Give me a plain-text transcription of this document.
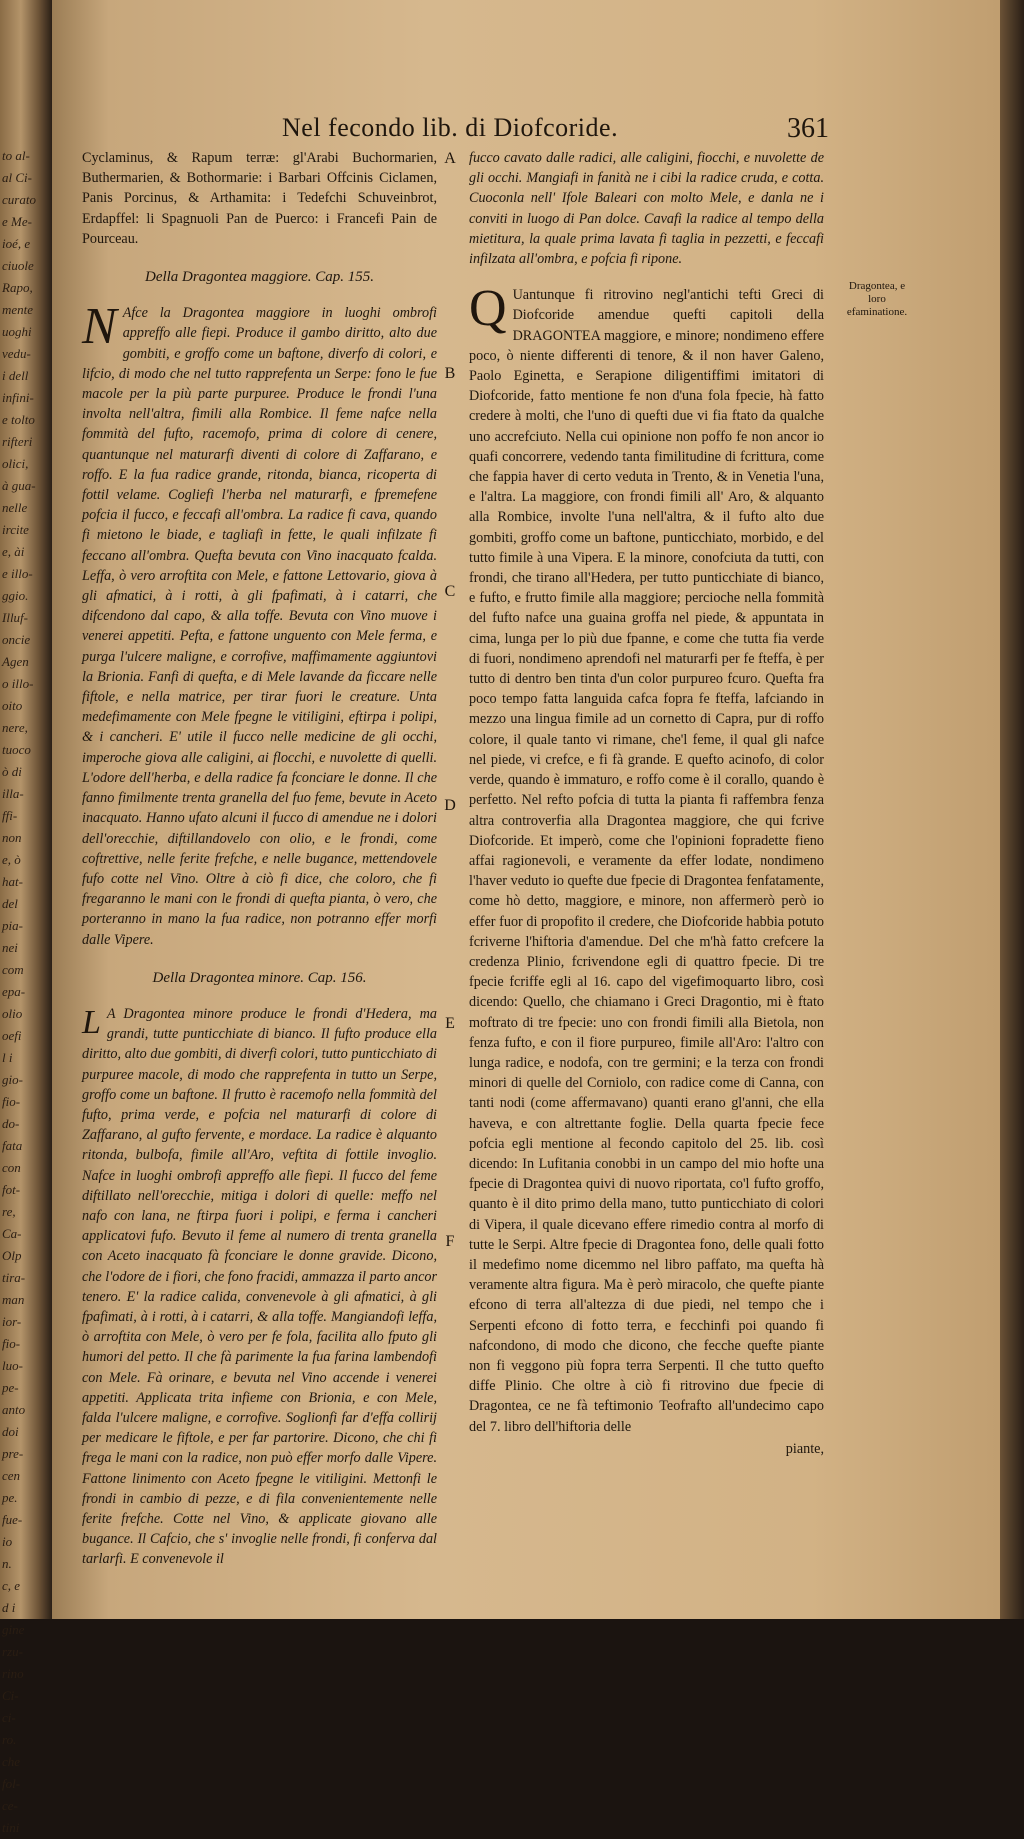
to al-
al Ci-
curato
e Me-
ioé, e
ciuole
Rapo,
mente
uoghi
vedu-
i dell
infini-
e tolto
rifteri
olici,
à gua-
nelle
ircite
e, ài
e illo-
ggio.
Illuf-
oncie
Agen
o illo-
oito
nere,
tuoco
ò di
illa-
ffi-
non
e, ò
hat-
del
pia-
nei
com
epa-
olio
oefi
l i
gio-
fio-
do-
fata
con
fot-
re,
Ca-
Olp
tira-
man
ior-
fio-
luo-
pe-
anto
doi
pre-
cen
pe.
fue-
io
n.
c, e
d i
gine
rzu-
rino
Ci-
ci-
ro.
che
fol-
ce-
tini
Nel fecondo lib. di Diofcoride.	361

Cyclaminus, & Rapum terræ: gl'Arabi Buchormarien, Buthermarien, & Bothormarie: i Barbari Offcinis Ciclamen, Panis Porcinus, & Arthamita: i Tedefchi Schuveinbrot, Erdapffel: li Spagnuoli Pan de Puerco: i Francefi Pain de Pourceau.

Della Dragontea maggiore. Cap. 155.

N Afce la Dragontea maggiore in luoghi ombrofi appreffo alle fiepi. Produce il gambo diritto, alto due gombiti, e groffo come un baftone, diverfo di colori, e lifcio, di modo che nel tutto rapprefenta un Serpe: fono le fue macole per la più parte purpuree. Produce le frondi l'una involta nell'altra, fimili alla Rombice. Il feme nafce nella fommità del fufto, racemofo, prima di colore di cenere, quantunque nel maturarfi diventi di colore di Zaffarano, e roffo. E la fua radice grande, ritonda, bianca, ricoperta di fottil velame. Cogliefi l'herba nel maturarfi, e fpremefene pofcia il fucco, e feccafi all'ombra. La radice fi cava, quando fi mietono le biade, e tagliafi in fette, le quali infilzate fi feccano all'ombra. Quefta bevuta con Vino inacquato fcalda. Leffa, ò vero arroftita con Mele, e fattone Lettovario, giova à gli afmatici, à i rotti, à gli fpafimati, à i catarri, che difcendono dal capo, & alla toffe. Bevuta con Vino muove i venerei appetiti. Pefta, e fattone unguento con Mele ferma, e purga l'ulcere maligne, e corrofive, maffimamente aggiuntovi la Brionia. Fanfi di quefta, e di Mele lavande da ficcare nelle fiftole, e nella matrice, per tirar fuori le creature. Unta medefimamente con Mele fpegne le vitiligini, eftirpa i polipi, & i cancheri. E' utile il fucco nelle medicine de gli occhi, imperoche giova alle caligini, ai flocchi, e nuvolette di quelli. L'odore dell'herba, e della radice fa fconciare le donne. Il che fanno fimilmente trenta granella del fuo feme, bevute in Aceto inacquato. Hanno ufato alcuni il fucco di amendue ne i dolori dell'orecchie, diftillandovelo con olio, e le frondi, come coftrettive, nelle ferite frefche, e nelle bugance, mettendovele fufo cotte nel Vino. Oltre à ciò fi dice, che coloro, che fi fregaranno le mani con le frondi di quefta pianta, ò vero, che porteranno in mano la fua radice, non potranno effer morfi dalle Vipere.

Della Dragontea minore. Cap. 156.

L A Dragontea minore produce le frondi d'Hedera, ma grandi, tutte punticchiate di bianco. Il fufto produce ella diritto, alto due gombiti, di diverfi colori, tutto punticchiato di purpuree macole, di modo che rapprefenta in tutto un Serpe, groffo come un baftone. Il frutto è racemofo nella fommità del fufto, prima verde, e pofcia nel maturarfi di colore di Zaffarano, al gufto fervente, e mordace. La radice è alquanto ritonda, bulbofa, fimile all'Aro, veftita di fottile invoglio. Nafce in luoghi ombrofi appreffo alle fiepi. Il fucco del feme diftillato nell'orecchie, mitiga i dolori di quelle: meffo nel nafo con lana, ne ftirpa fuori i polipi, e ferma i cancheri applicatovi fufo. Bevuto il feme al numero di trenta granella con Aceto inacquato fà fconciare le donne gravide. Dicono, che l'odore de i fiori, che fono fracidi, ammazza il parto ancor tenero. E' la radice calida, convenevole à gli afmatici, à gli fpafimati, à i rotti, à i catarri, & alla toffe. Mangiandofi leffa, ò arroftita con Mele, ò vero per fe fola, facilita allo fputo gli humori del petto. Il che fà parimente la fua farina lambendofi con Mele. Fà orinare, e bevuta nel Vino accende i venerei appetiti. Applicata trita infieme con Brionia, e con Mele, falda l'ulcere maligne, e corrofive. Soglionfi far d'effa collirij per medicare le fiftole, e per far partorire. Dicono, che chi fi frega le mani con la radice, non può effer morfo dalle Vipere. Fattone linimento con Aceto fpegne le vitiligini. Mettonfi le frondi in cambio di pezze, e di fila convenientemente nelle ferite frefche. Cotte nel Vino, & applicate giovano alle bugance. Il Cafcio, che s' invoglie nelle frondi, fi conferva dal tarlarfi. E convenevole il

A
B
C
D
E
F

fucco cavato dalle radici, alle caligini, fiocchi, e nuvolette de gli occhi. Mangiafi in fanità ne i cibi la radice cruda, e cotta. Cuoconla nell' Ifole Baleari con molto Mele, e danla ne i conviti in luogo di Pan dolce. Cavafi la radice al tempo della mietitura, la quale prima lavata fi taglia in pezzetti, e feccafi infilzata all'ombra, e pofcia fi ripone.

Q Uantunque fi ritrovino negl'antichi tefti Greci di Diofcoride amendue quefti capitoli della DRAGONTEA maggiore, e minore; nondimeno effere poco, ò niente differenti di tenore, & il non haver Galeno, Paolo Eginetta, e Serapione diligentiffimi imitatori di Diofcoride, fatto mentione fe non d'una fola fpecie, hà fatto credere à molti, che l'uno di quefti due vi fia ftato da qualche uno accrefciuto. Nella cui opinione non poffo fe non ancor io quafi concorrere, vedendo tanta fimilitudine di fcrittura, come che fappia haver di certo veduta in Trento, & in Venetia l'una, e l'altra. La maggiore, con frondi fimili all' Aro, & alquanto alla Rombice, involte l'una nell'altra, & il fufto alto due gombiti, groffo come un baftone, punticchiato, morbido, e del tutto fimile à una Vipera. E la minore, conofciuta da tutti, con frondi, che tirano all'Hedera, per tutto punticchiate di bianco, e fufto, e frutto fimile alla maggiore; percioche nella fommità del fufto nafce una guaina groffa nel piede, & appuntata in cima, lunga per lo più due fpanne, e come che tutta fia verde di fuori, nondimeno aprendofi nel maturarfi per fe fteffa, è per tutto di dentro ben tinta d'un color purpureo fcuro. Quefta fra poco tempo fatta languida cafca fopra fe fteffa, lafciando in mezzo una lingua fimile ad un cornetto di Capra, pur di roffo colore, il quale tanto vi rimane, che'l feme, il qual gli nafce nel piede, vi crefce, e fi fà grande. E quefto acinofo, di color verde, quando è immaturo, e roffo come è il corallo, quando è perfetto. Nel refto pofcia di tutta la pianta fi raffembra fenza altra controverfia alla Dragontea maggiore, che qui fcrive Diofcoride. Et imperò, come che l'opinioni fopradette fieno affai ragionevoli, e veramente da effer lodate, nondimeno l'haver veduto io quefte due fpecie di Dragontea fenfatamente, come hò detto, maggiore, e minore, non affermerò però io effer fuor di propofito il credere, che Diofcoride habbia potuto fcriverne l'hiftoria d'amendue. Del che m'hà fatto crefcere la credenza Plinio, fcrivendone egli di quattro fpecie. Di tre fpecie fcriffe egli al 16. capo del vigefimoquarto libro, così dicendo: Quello, che chiamano i Greci Dragontio, mi è ftato moftrato di tre fpecie: uno con frondi fimili alla Bietola, non fenza fufto, e con il fiore purpureo, fimile all'Aro: l'altro con lunga radice, e nodofa, con tre germini; e la terza con frondi minori di quelle del Corniolo, con radice come di Canna, con tanti nodi (come affermavano) quanti erano gl'anni, che ella haveva, e con altrettante foglie. Della quarta fpecie fece pofcia egli mentione al fecondo capitolo del 25. lib. così dicendo: In Lufitania conobbi in un campo del mio hofte una fpecie di Dragontea quivi di nuovo riportata, co'l fufto groffo, quanto è il dito primo della mano, tutto punticchiato di colori di Vipera, il quale dicevano effere rimedio contra al morfo di tutte le Serpi. Altre fpecie di Dragontea fono, delle quali fotto il medefimo nome dicemmo nel libro paffato, ma quefta hà veramente altra figura. Ma è però miracolo, che quefte piante efcono di terra all'altezza di due piedi, nel tempo che i Serpenti efcono di fotto terra, e fecchinfi poi quando fi nafcondono, di modo che dicono, che fecche quefte piante non fi veggono più fopra terra Serpenti. Il che tutto quefto diffe Plinio. Che oltre à ciò fi ritrovino due fpecie di Dragontea, ce ne fà teftimonio Teofrafto all'undecimo capo del 7. libro dell'hiftoria delle

piante,
Dragontea, e loro efaminatione.
